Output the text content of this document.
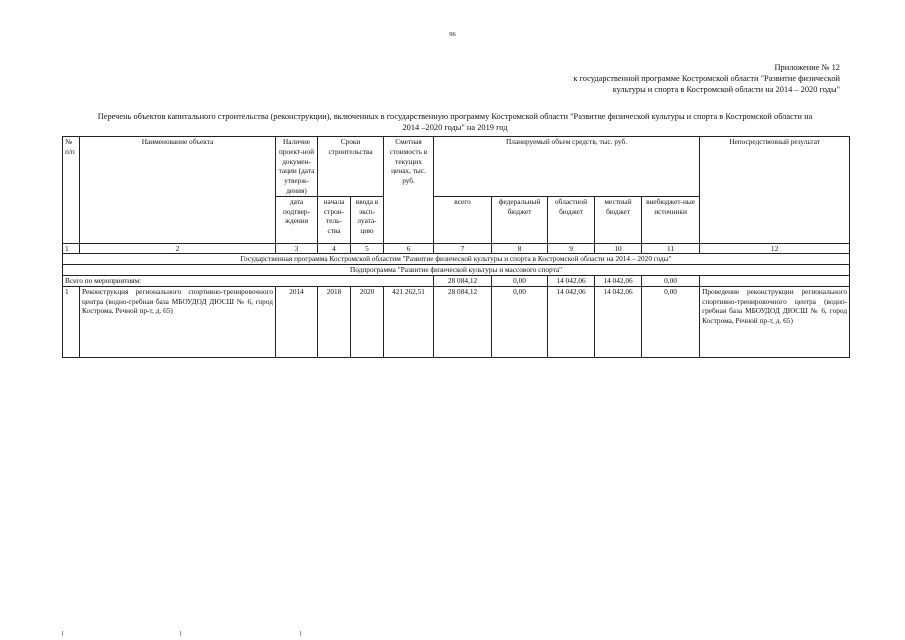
96
Приложение № 12
к государственной программе Костромской области "Развитие физической
культуры и спорта в Костромской области на 2014 – 2020 годы"
Перечень объектов капитального строительства (реконструкции), включенных в государственную программу Костромской области "Развитие физической культуры и спорта в Костромской области на
2014 –2020 годы" на 2019 год
№ п/п	Наименование объекта	Наличие проект-ной докумен-тации (дата утверж-дения)	Сроки строительства		Сметная стоимость в текущих ценах, тыс. руб.	Планируемый объем средств, тыс. руб.					Непосредственный результат
		дата подтвер-ждения	начала строн-тель-ства	ввода в эксп-луата-цию		всего	федеральный бюджет	областной бюджет	местный бюджет	внебюджет-ные источники	
1	2	3	4	5	6	7	8	9	10	11	12
Государственная программа Костромской областим "Развитие физической культуры и спорта в Костромской области на 2014 – 2020 годы"											
Подпрограмма "Развитие физической культуры и массового спорта"											
Всего по мероприятиям:						28 084,12	0,00	14 042,06	14 042,06	0,00	
1	Реконструкция регионального спортивно-тренировочного центра (водно-гребная база МБОУДОД ДЮСШ № 6, город Кострома, Речной пр-т, д. 65)	2014	2018	2020	421 262,51	28 084,12	0,00	14 042,06	14 042,06	0,00	Проведение реконструкции регионального спортивно-тренировочного центра (водно-гребная база МБОУДОД ДЮСШ № 6, город Кострома, Речной пр-т, д. 65)
